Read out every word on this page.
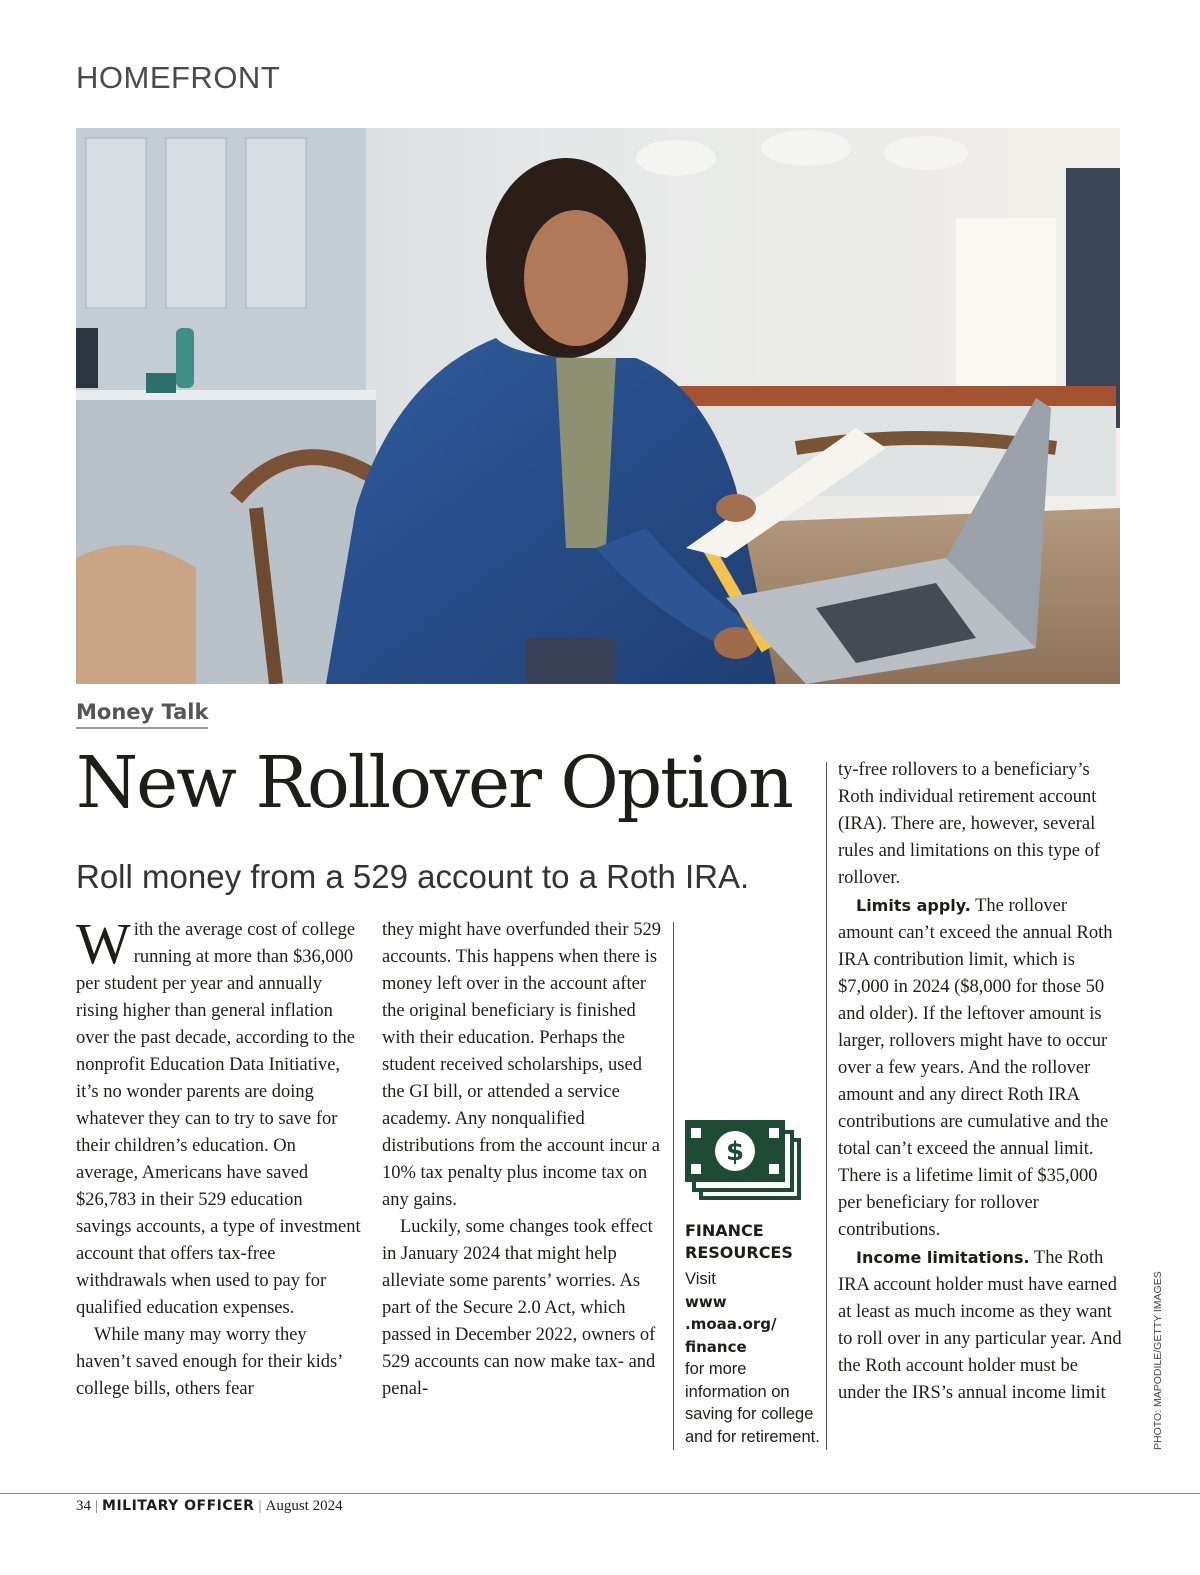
HOMEFRONT
Money Talk
New Rollover Option
Roll money from a 529 account to a Roth IRA.

With the average cost of college running at more than $36,000 per student per year and annually rising higher than general inflation over the past decade, according to the nonprofit Education Data Initiative, it’s no wonder parents are doing whatever they can to try to save for their children’s education. On average, Americans have saved $26,783 in their 529 education savings accounts, a type of investment account that offers tax-free withdrawals when used to pay for qualified education expenses.

While many may worry they haven’t saved enough for their kids’ college bills, others fear

they might have overfunded their 529 accounts. This happens when there is money left over in the account after the original beneficiary is finished with their education. Perhaps the student received scholarships, used the GI bill, or attended a service academy. Any nonqualified distributions from the account incur a 10% tax penalty plus income tax on any gains.

Luckily, some changes took effect in January 2024 that might help alleviate some parents’ worries. As part of the Secure 2.0 Act, which passed in December 2022, owners of 529 accounts can now make tax- and penal-

$
FINANCE RESOURCES
Visit
www .moaa.org/ finance
for more information on saving for college and for retirement.

ty-free rollovers to a beneficiary’s Roth individual retirement account (IRA). There are, however, several rules and limitations on this type of rollover.

Limits apply. The rollover amount can’t exceed the annual Roth IRA contribution limit, which is $7,000 in 2024 ($8,000 for those 50 and older). If the leftover amount is larger, rollovers might have to occur over a few years. And the rollover amount and any direct Roth IRA contributions are cumulative and the total can’t exceed the annual limit. There is a lifetime limit of $35,000 per beneficiary for rollover contributions.

Income limitations. The Roth IRA account holder must have earned at least as much income as they want to roll over in any particular year. And the Roth account holder must be under the IRS’s annual income limit	PHOTO: MAPODILE/GETTY IMAGES
34 | MILITARY OFFICER | August 2024
